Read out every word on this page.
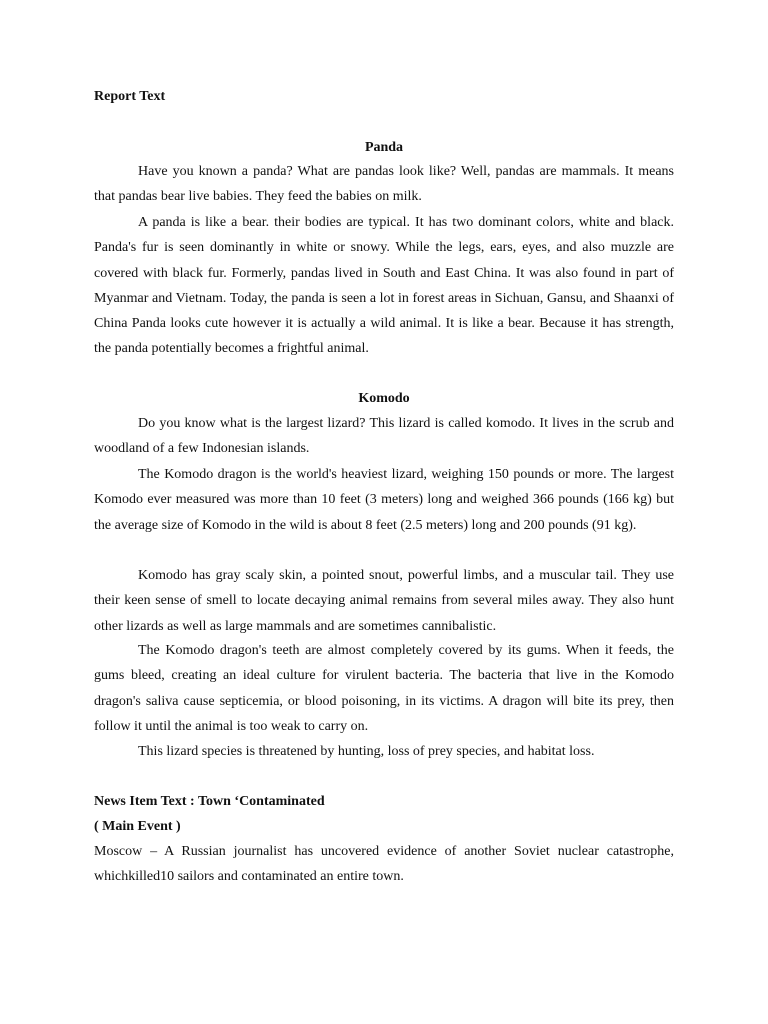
Report Text
Panda

Have you known a panda? What are pandas look like? Well, pandas are mammals. It means that pandas bear live babies. They feed the babies on milk.

A panda is like a bear. their bodies are typical. It has two dominant colors, white and black. Panda's fur is seen dominantly in white or snowy. While the legs, ears, eyes, and also muzzle are covered with black fur. Formerly, pandas lived in South and East China. It was also found in part of Myanmar and Vietnam. Today, the panda is seen a lot in forest areas in Sichuan, Gansu, and Shaanxi of China Panda looks cute however it is actually a wild animal. It is like a bear. Because it has strength, the panda potentially becomes a frightful animal.

Komodo

Do you know what is the largest lizard? This lizard is called komodo. It lives in the scrub and woodland of a few Indonesian islands.

The Komodo dragon is the world's heaviest lizard, weighing 150 pounds or more. The largest Komodo ever measured was more than 10 feet (3 meters) long and weighed 366 pounds (166 kg) but the average size of Komodo in the wild is about 8 feet (2.5 meters) long and 200 pounds (91 kg).

Komodo has gray scaly skin, a pointed snout, powerful limbs, and a muscular tail. They use their keen sense of smell to locate decaying animal remains from several miles away. They also hunt other lizards as well as large mammals and are sometimes cannibalistic.

The Komodo dragon's teeth are almost completely covered by its gums. When it feeds, the gums bleed, creating an ideal culture for virulent bacteria. The bacteria that live in the Komodo dragon's saliva cause septicemia, or blood poisoning, in its victims. A dragon will bite its prey, then follow it until the animal is too weak to carry on.

This lizard species is threatened by hunting, loss of prey species, and habitat loss.

News Item Text : Town ‘Contaminated
( Main Event )

Moscow – A Russian journalist has uncovered evidence of another Soviet nuclear catastrophe, whichkilled10 sailors and contaminated an entire town.
